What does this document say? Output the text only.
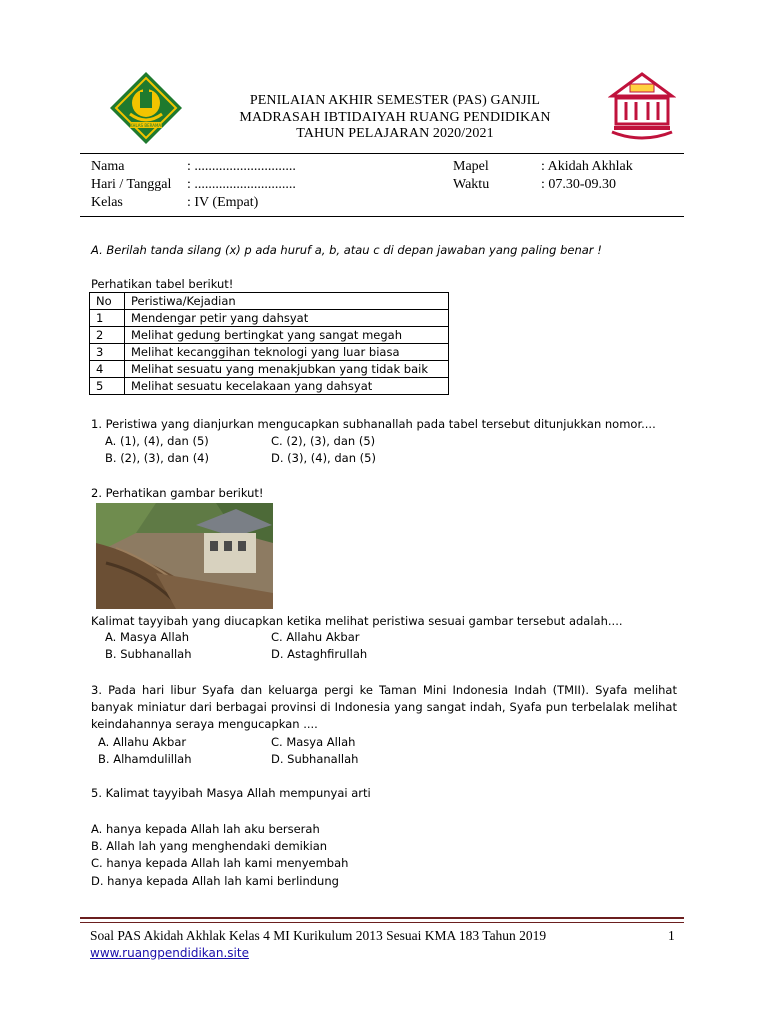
IKHLAS BERAMAL
PENILAIAN AKHIR SEMESTER (PAS) GANJIL
MADRASAH IBTIDAIYAH RUANG PENDIDIKAN
TAHUN PELAJARAN 2020/2021
Nama	: .............................
Hari / Tanggal : .............................
Kelas	: IV (Empat)
Mapel	: Akidah Akhlak
Waktu	: 07.30-09.30
A. Berilah tanda silang (x) p ada huruf a, b, atau c di depan jawaban yang paling benar !
Perhatikan tabel berikut!
No	Peristiwa/Kejadian
1	Mendengar petir yang dahsyat
2	Melihat gedung bertingkat yang sangat megah
3	Melihat kecanggihan teknologi yang luar biasa
4	Melihat sesuatu yang menakjubkan yang tidak baik
5	Melihat sesuatu kecelakaan yang dahsyat
1. Peristiwa yang dianjurkan mengucapkan subhanallah pada tabel tersebut ditunjukkan nomor....
A. (1), (4), dan (5)
B. (2), (3), dan (4)
C. (2), (3), dan (5)
D. (3), (4), dan (5)
2. Perhatikan gambar berikut!
Kalimat tayyibah yang diucapkan ketika melihat peristiwa sesuai gambar tersebut adalah....
A. Masya Allah
B. Subhanallah
C. Allahu Akbar
D. Astaghfirullah
3. Pada hari libur Syafa dan keluarga pergi ke Taman Mini Indonesia Indah (TMII). Syafa melihat banyak miniatur dari berbagai provinsi di Indonesia yang sangat indah, Syafa pun terbelalak melihat keindahannya seraya mengucapkan ....
A. Allahu Akbar
B. Alhamdulillah
C. Masya Allah
D. Subhanallah
5. Kalimat tayyibah Masya Allah mempunyai arti
A. hanya kepada Allah lah aku berserah
B. Allah lah yang menghendaki demikian
C. hanya kepada Allah lah kami menyembah
D. hanya kepada Allah lah kami berlindung
Soal PAS Akidah Akhlak Kelas 4 MI Kurikulum 2013 Sesuai KMA 183 Tahun 2019	1
www.ruangpendidikan.site
